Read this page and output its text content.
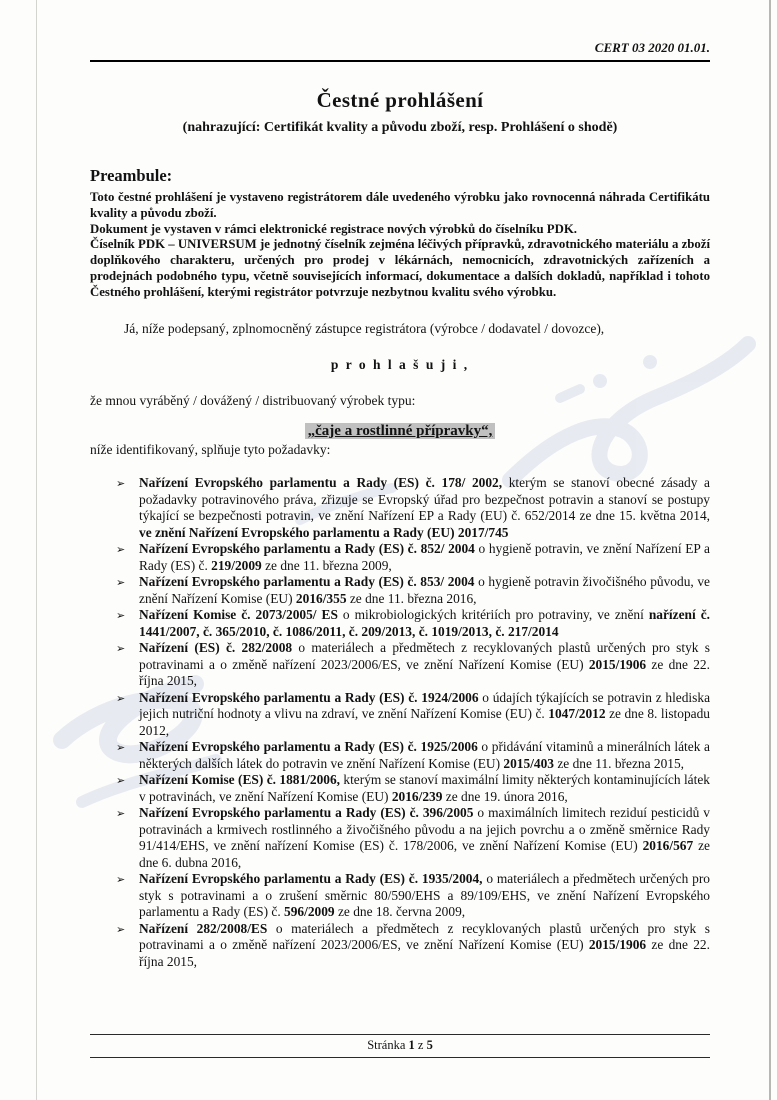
CERT 03 2020 01.01.
Čestné prohlášení
(nahrazující: Certifikát kvality a původu zboží, resp. Prohlášení o shodě)
Preambule:

Toto čestné prohlášení je vystaveno registrátorem dále uvedeného výrobku jako rovnocenná náhrada Certifikátu kvality a původu zboží.

Dokument je vystaven v rámci elektronické registrace nových výrobků do číselníku PDK.

Číselník PDK – UNIVERSUM je jednotný číselník zejména léčivých přípravků, zdravotnického materiálu a zboží doplňkového charakteru, určených pro prodej v lékárnách, nemocnicích, zdravotnických zařízeních a prodejnách podobného typu, včetně souvisejících informací, dokumentace a dalších dokladů, například i tohoto Čestného prohlášení, kterými registrátor potvrzuje nezbytnou kvalitu svého výrobku.

Já, níže podepsaný, zplnomocněný zástupce registrátora (výrobce / dodavatel / dovozce),

p r o h l a š u j i ,

že mnou vyráběný / dovážený / distribuovaný výrobek typu:

„čaje a rostlinné přípravky“,

níže identifikovaný, splňuje tyto požadavky:

➢	Nařízení Evropského parlamentu a Rady (ES) č. 178/ 2002, kterým se stanoví obecné zásady a požadavky potravinového práva, zřizuje se Evropský úřad pro bezpečnost potravin a stanoví se postupy týkající se bezpečnosti potravin, ve znění Nařízení EP a Rady (EU) č. 652/2014 ze dne 15. května 2014, ve znění Nařízení Evropského parlamentu a Rady (EU) 2017/745
➢	Nařízení Evropského parlamentu a Rady (ES) č. 852/ 2004 o hygieně potravin, ve znění Nařízení EP a Rady (ES) č. 219/2009 ze dne 11. března 2009,
➢	Nařízení Evropského parlamentu a Rady (ES) č. 853/ 2004 o hygieně potravin živočišného původu, ve znění Nařízení Komise (EU) 2016/355 ze dne 11. března 2016,
➢	Nařízení Komise č. 2073/2005/ ES o mikrobiologických kritériích pro potraviny, ve znění nařízení č. 1441/2007, č. 365/2010, č. 1086/2011, č. 209/2013, č. 1019/2013, č. 217/2014
➢	Nařízení (ES) č. 282/2008 o materiálech a předmětech z recyklovaných plastů určených pro styk s potravinami a o změně nařízení 2023/2006/ES, ve znění Nařízení Komise (EU) 2015/1906 ze dne 22. října 2015,
➢	Nařízení Evropského parlamentu a Rady (ES) č. 1924/2006 o údajích týkajících se potravin z hlediska jejich nutriční hodnoty a vlivu na zdraví, ve znění Nařízení Komise (EU) č. 1047/2012 ze dne 8. listopadu 2012,
➢	Nařízení Evropského parlamentu a Rady (ES) č. 1925/2006 o přidávání vitaminů a minerálních látek a některých dalších látek do potravin ve znění Nařízení Komise (EU) 2015/403 ze dne 11. března 2015,
➢	Nařízení Komise (ES) č. 1881/2006, kterým se stanoví maximální limity některých kontaminujících látek v potravinách, ve znění Nařízení Komise (EU) 2016/239 ze dne 19. února 2016,
➢	Nařízení Evropského parlamentu a Rady (ES) č. 396/2005 o maximálních limitech reziduí pesticidů v potravinách a krmivech rostlinného a živočišného původu a na jejich povrchu a o změně směrnice Rady 91/414/EHS, ve znění nařízení Komise (ES) č. 178/2006, ve znění Nařízení Komise (EU) 2016/567 ze dne 6. dubna 2016,
➢	Nařízení Evropského parlamentu a Rady (ES) č. 1935/2004, o materiálech a předmětech určených pro styk s potravinami a o zrušení směrnic 80/590/EHS a 89/109/EHS, ve znění Nařízení Evropského parlamentu a Rady (ES) č. 596/2009 ze dne 18. června 2009,
➢	Nařízení 282/2008/ES o materiálech a předmětech z recyklovaných plastů určených pro styk s potravinami a o změně nařízení 2023/2006/ES, ve znění Nařízení Komise (EU) 2015/1906 ze dne 22. října 2015,
Stránka 1 z 5
